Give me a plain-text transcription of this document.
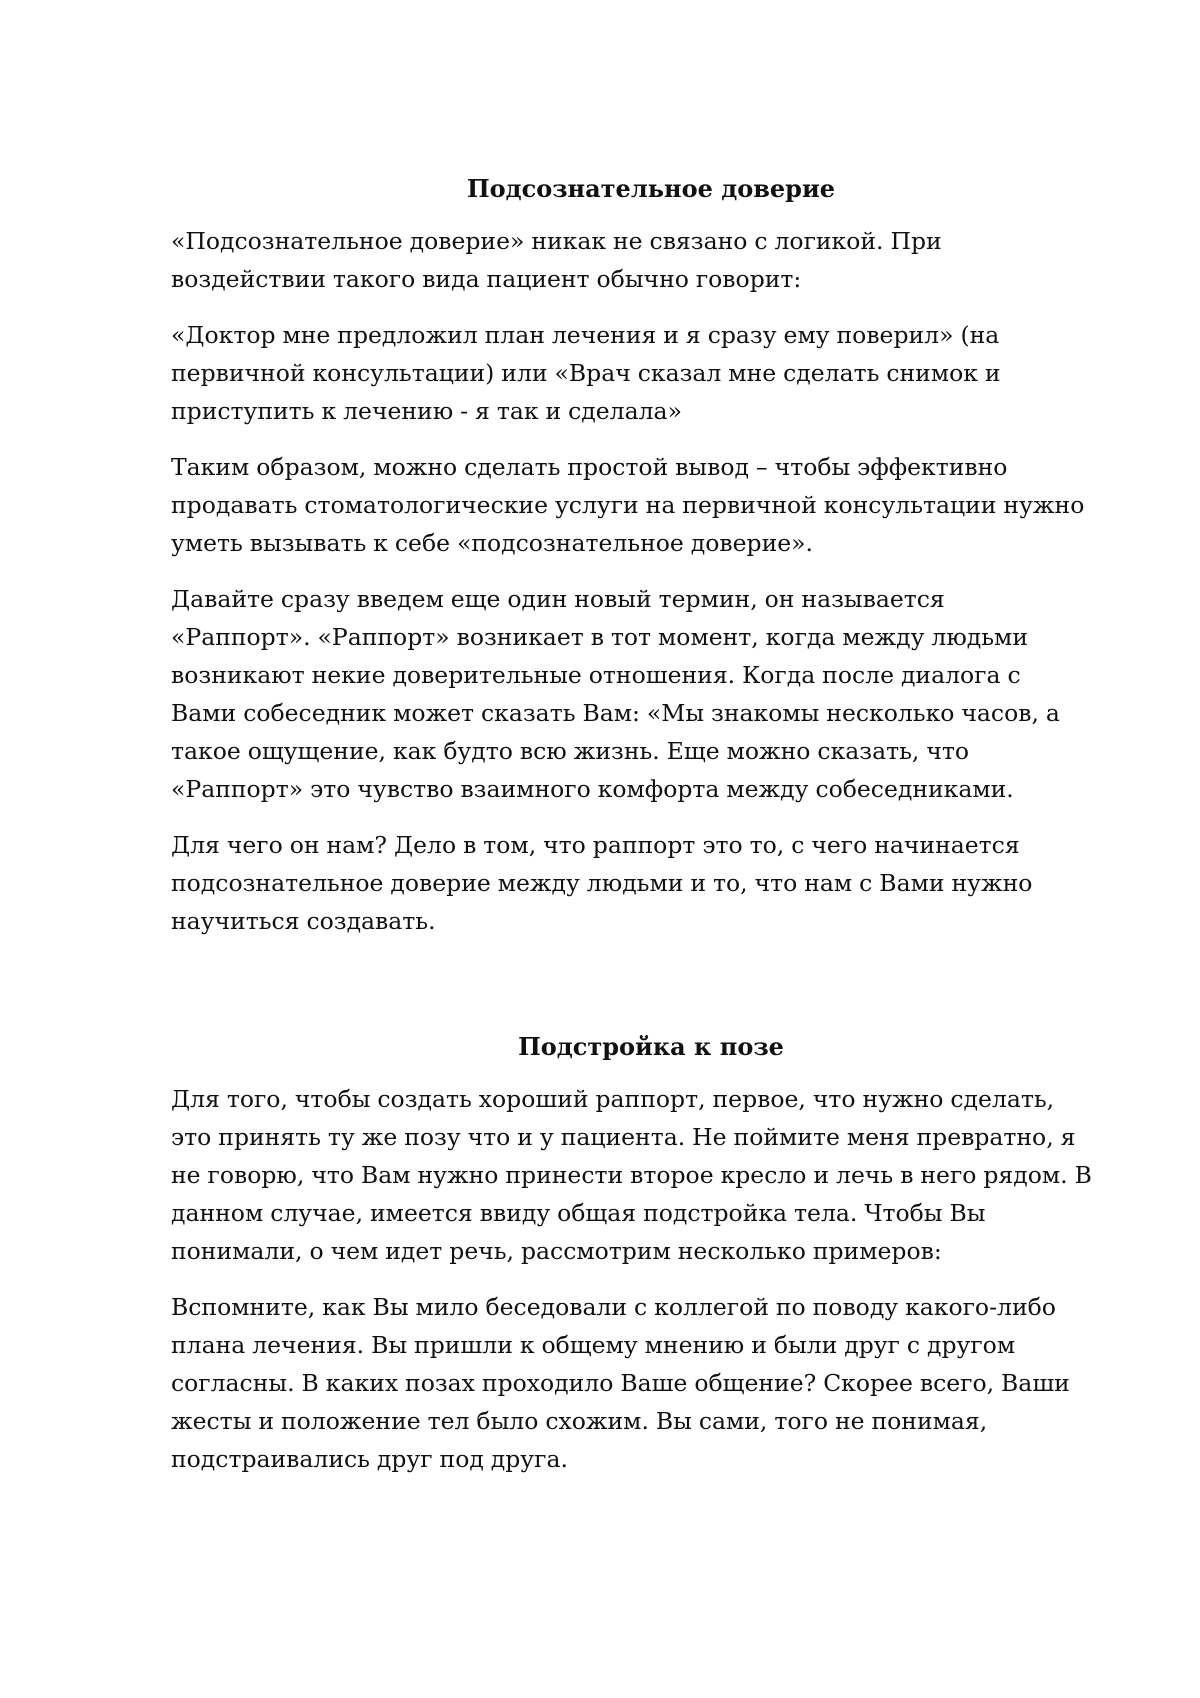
Подсознательное доверие

«Подсознательное доверие» никак не связано с логикой. При
воздействии такого вида пациент обычно говорит:

«Доктор мне предложил план лечения и я сразу ему поверил» (на
первичной консультации) или «Врач сказал мне сделать снимок и
приступить к лечению - я так и сделала»

Таким образом, можно сделать простой вывод – чтобы эффективно
продавать стоматологические услуги на первичной консультации нужно
уметь вызывать к себе «подсознательное доверие».

Давайте сразу введем еще один новый термин, он называется
«Раппорт». «Раппорт» возникает в тот момент, когда между людьми
возникают некие доверительные отношения. Когда после диалога с
Вами собеседник может сказать Вам: «Мы знакомы несколько часов, а
такое ощущение, как будто всю жизнь. Еще можно сказать, что
«Раппорт» это чувство взаимного комфорта между собеседниками.

Для чего он нам? Дело в том, что раппорт это то, с чего начинается
подсознательное доверие между людьми и то, что нам с Вами нужно
научиться создавать.

Подстройка к позе

Для того, чтобы создать хороший раппорт, первое, что нужно сделать,
это принять ту же позу что и у пациента. Не поймите меня превратно, я
не говорю, что Вам нужно принести второе кресло и лечь в него рядом. В
данном случае, имеется ввиду общая подстройка тела. Чтобы Вы
понимали, о чем идет речь, рассмотрим несколько примеров:

Вспомните, как Вы мило беседовали с коллегой по поводу какого-либо
плана лечения. Вы пришли к общему мнению и были друг с другом
согласны. В каких позах проходило Ваше общение? Скорее всего, Ваши
жесты и положение тел было схожим. Вы сами, того не понимая,
подстраивались друг под друга.
